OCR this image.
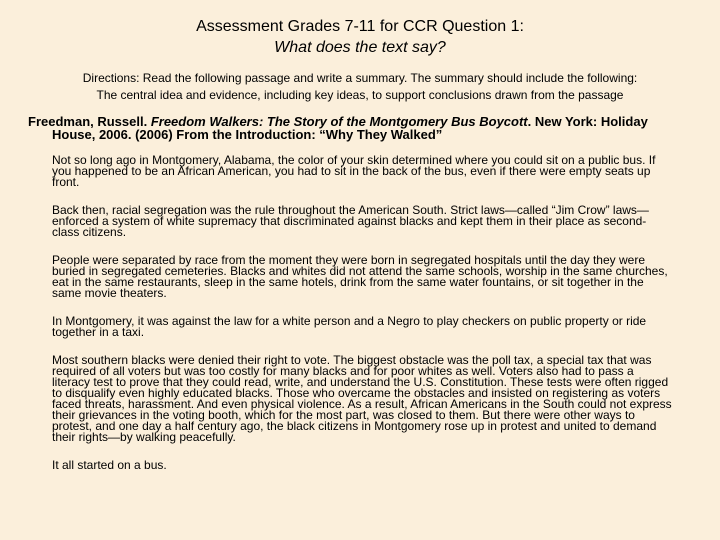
Assessment Grades 7-11 for CCR Question 1:
What does the text say?
Directions: Read the following passage and write a summary. The summary should include the following:
The central idea and evidence, including key ideas, to support conclusions drawn from the passage
Freedman, Russell. Freedom Walkers: The Story of the Montgomery Bus Boycott. New York: Holiday House, 2006. (2006) From the Introduction: “Why They Walked”

Not so long ago in Montgomery, Alabama, the color of your skin determined where you could sit on a public bus. If you happened to be an African American, you had to sit in the back of the bus, even if there were empty seats up front.

Back then, racial segregation was the rule throughout the American South. Strict laws—called “Jim Crow” laws—enforced a system of white supremacy that discriminated against blacks and kept them in their place as second-class citizens.

People were separated by race from the moment they were born in segregated hospitals until the day they were buried in segregated cemeteries. Blacks and whites did not attend the same schools, worship in the same churches, eat in the same restaurants, sleep in the same hotels, drink from the same water fountains, or sit together in the same movie theaters.

In Montgomery, it was against the law for a white person and a Negro to play checkers on public property or ride together in a taxi.

Most southern blacks were denied their right to vote. The biggest obstacle was the poll tax, a special tax that was required of all voters but was too costly for many blacks and for poor whites as well. Voters also had to pass a literacy test to prove that they could read, write, and understand the U.S. Constitution. These tests were often rigged to disqualify even highly educated blacks. Those who overcame the obstacles and insisted on registering as voters faced threats, harassment. And even physical violence. As a result, African Americans in the South could not express their grievances in the voting booth, which for the most part, was closed to them. But there were other ways to protest, and one day a half century ago, the black citizens in Montgomery rose up in protest and united to demand their rights—by walking peacefully.

It all started on a bus.
